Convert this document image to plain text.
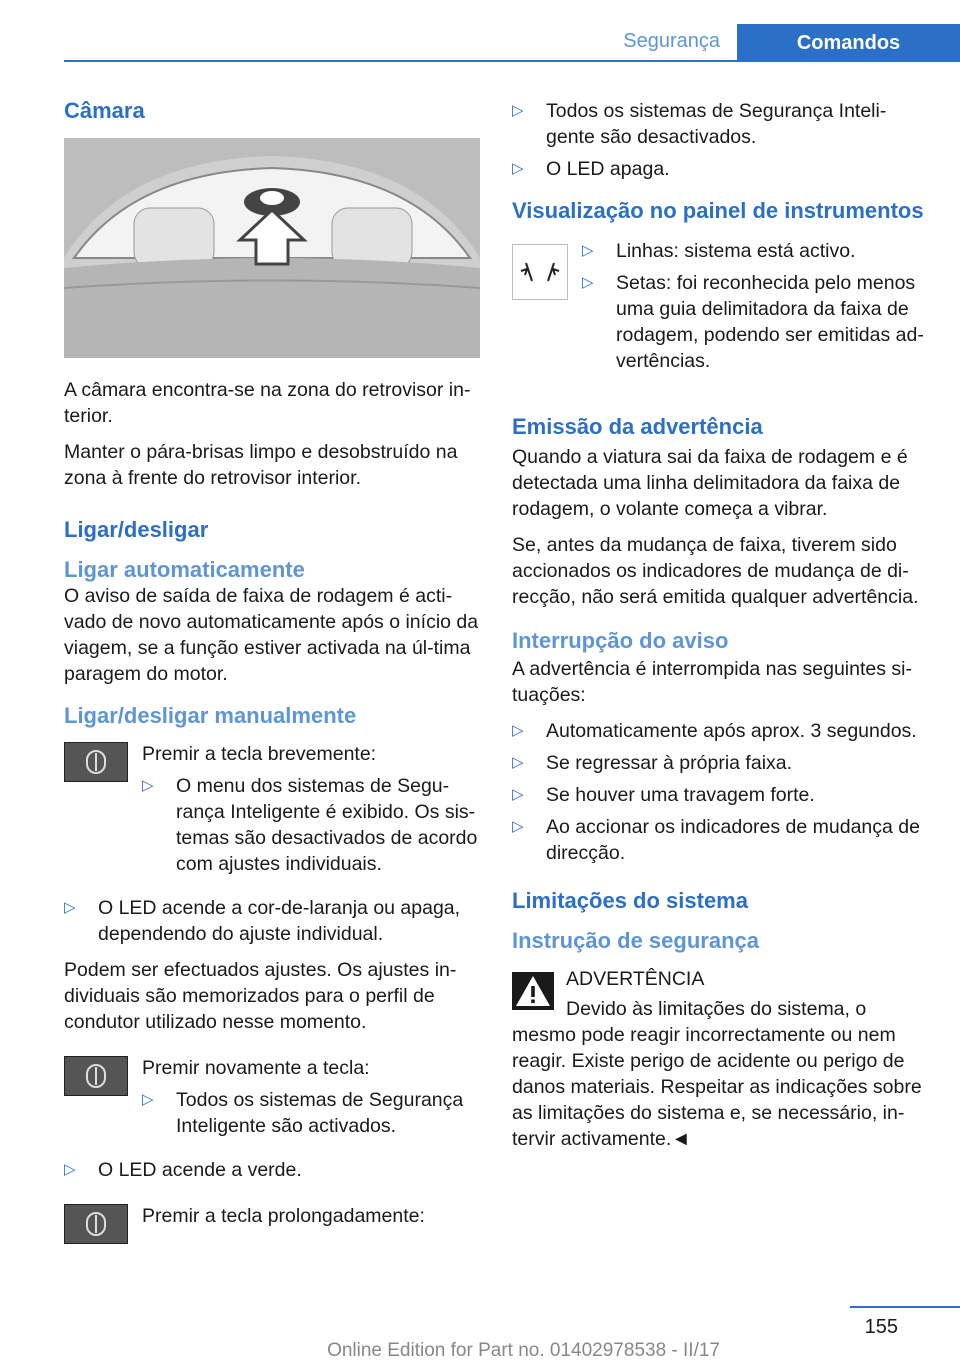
Segurança	Comandos
Câmara

A câmara encontra-se na zona do retrovisor in-terior.

Manter o pára-brisas limpo e desobstruído na zona à frente do retrovisor interior.

Ligar/desligar
Ligar automaticamente

O aviso de saída de faixa de rodagem é acti-vado de novo automaticamente após o início da viagem, se a função estiver activada na úl-tima paragem do motor.

Ligar/desligar manualmente

Premir a tecla brevemente:

▷ O menu dos sistemas de Segu-rança Inteligente é exibido. Os sis-temas são desactivados de acordo com ajustes individuais.
▷ O LED acende a cor-de-laranja ou apaga, dependendo do ajuste individual.

Podem ser efectuados ajustes. Os ajustes in-dividuais são memorizados para o perfil de condutor utilizado nesse momento.

Premir novamente a tecla:

▷ Todos os sistemas de Segurança Inteligente são activados.
▷ O LED acende a verde.

Premir a tecla prolongadamente:

▷ Todos os sistemas de Segurança Inteli-gente são desactivados.
▷ O LED apaga.
Visualização no painel de instrumentos
▷ Linhas: sistema está activo.
▷ Setas: foi reconhecida pelo menos uma guia delimitadora da faixa de rodagem, podendo ser emitidas ad-vertências.
Emissão da advertência

Quando a viatura sai da faixa de rodagem e é detectada uma linha delimitadora da faixa de rodagem, o volante começa a vibrar.

Se, antes da mudança de faixa, tiverem sido accionados os indicadores de mudança de di-recção, não será emitida qualquer advertência.

Interrupção do aviso

A advertência é interrompida nas seguintes si-tuações:

▷ Automaticamente após aprox. 3 segundos.
▷ Se regressar à própria faixa.
▷ Se houver uma travagem forte.
▷ Ao accionar os indicadores de mudança de direcção.
Limitações do sistema
Instrução de segurança

ADVERTÊNCIA

Devido às limitações do sistema, o mesmo pode reagir incorrectamente ou nem reagir. Existe perigo de acidente ou perigo de danos materiais. Respeitar as indicações sobre as limitações do sistema e, se necessário, in-tervir activamente.◄

155
Online Edition for Part no. 01402978538 - II/17
